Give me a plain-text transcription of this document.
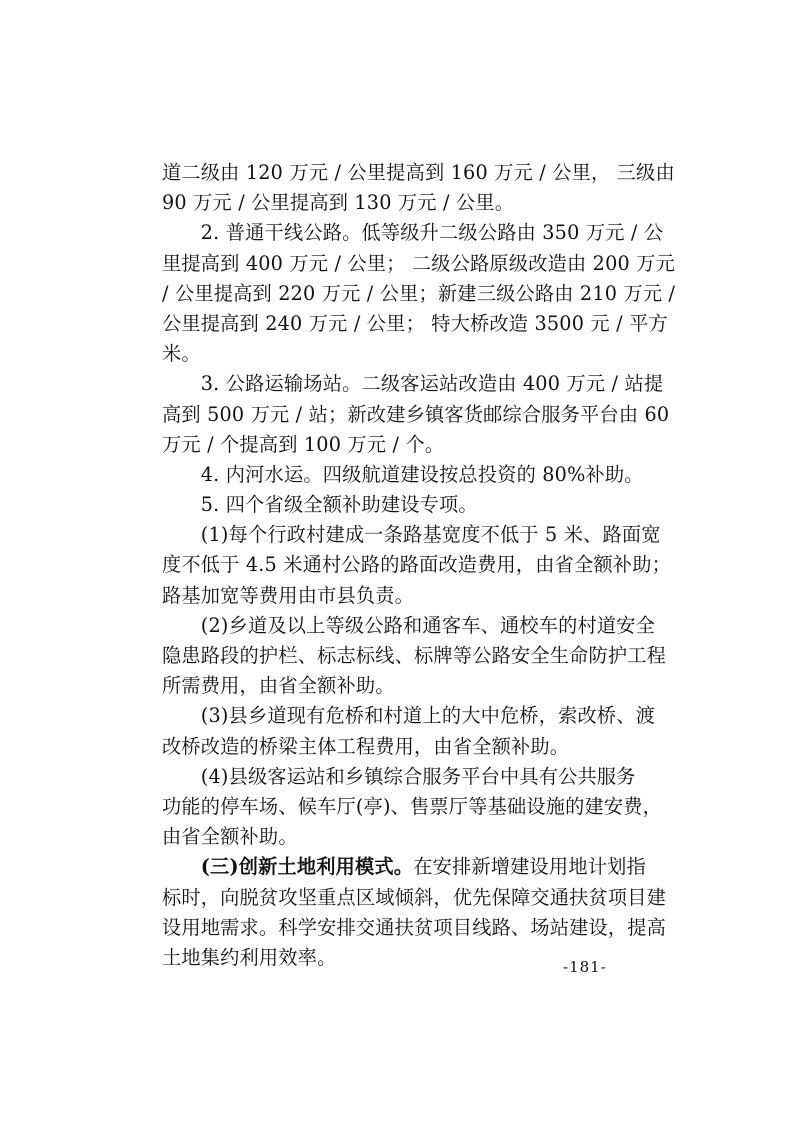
道二级由 120 万元 / 公里提高到 160 万元 / 公里， 三级由
90 万元 / 公里提高到 130 万元 / 公里。
　　2. 普通干线公路。低等级升二级公路由 350 万元 / 公
里提高到 400 万元 / 公里； 二级公路原级改造由 200 万元
/ 公里提高到 220 万元 / 公里；新建三级公路由 210 万元 /
公里提高到 240 万元 / 公里； 特大桥改造 3500 元 / 平方
米。
　　3. 公路运输场站。二级客运站改造由 400 万元 / 站提
高到 500 万元 / 站；新改建乡镇客货邮综合服务平台由 60
万元 / 个提高到 100 万元 / 个。
　　4. 内河水运。四级航道建设按总投资的 80%补助。
　　5. 四个省级全额补助建设专项。
　　(1)每个行政村建成一条路基宽度不低于 5 米、路面宽
度不低于 4.5 米通村公路的路面改造费用，由省全额补助；
路基加宽等费用由市县负责。
　　(2)乡道及以上等级公路和通客车、通校车的村道安全
隐患路段的护栏、标志标线、标牌等公路安全生命防护工程
所需费用，由省全额补助。
　　(3)县乡道现有危桥和村道上的大中危桥，索改桥、渡
改桥改造的桥梁主体工程费用，由省全额补助。
　　(4)县级客运站和乡镇综合服务平台中具有公共服务
功能的停车场、候车厅(亭)、售票厅等基础设施的建安费，
由省全额补助。
　　(三)创新土地利用模式。在安排新增建设用地计划指
标时，向脱贫攻坚重点区域倾斜，优先保障交通扶贫项目建
设用地需求。科学安排交通扶贫项目线路、场站建设，提高
土地集约利用效率。	-181-
